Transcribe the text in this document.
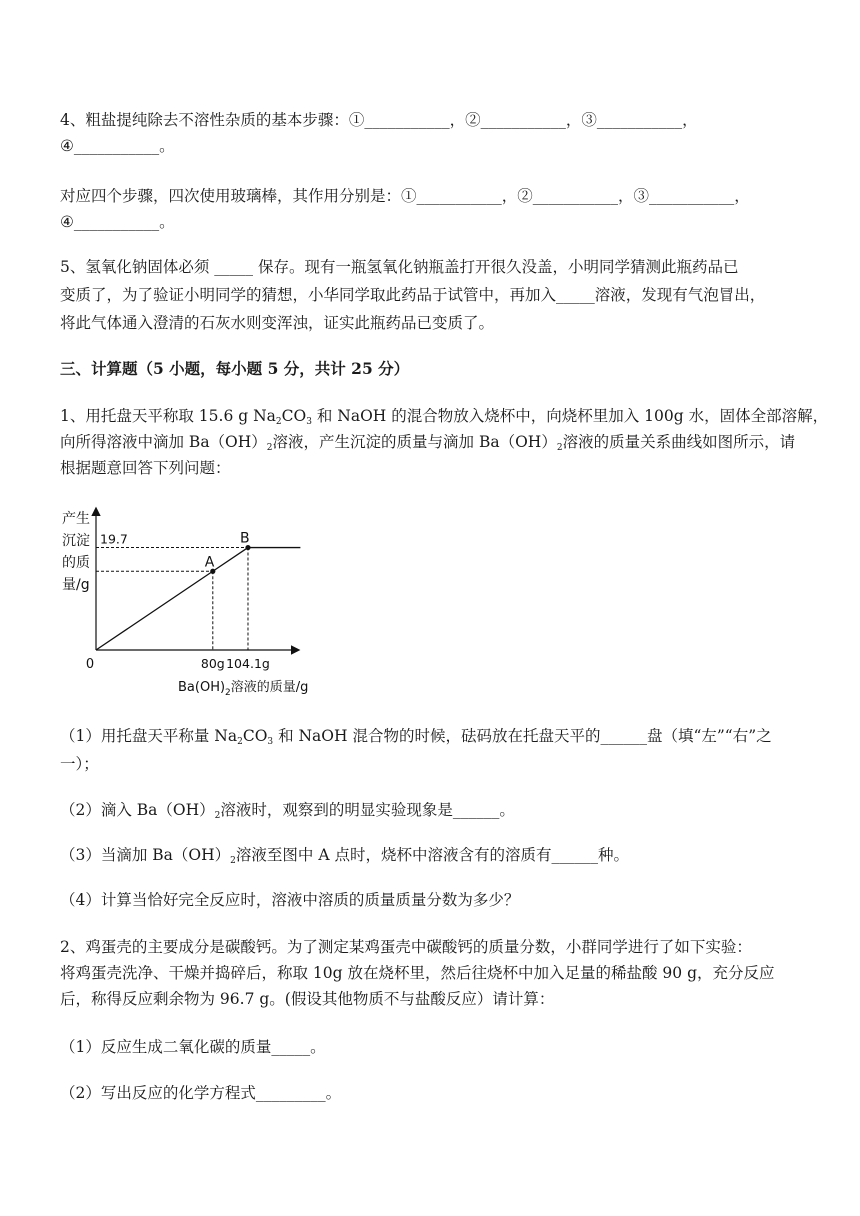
4、粗盐提纯除去不溶性杂质的基本步骤：①___________，②___________，③___________，
④___________。
对应四个步骤，四次使用玻璃棒，其作用分别是：①___________，②___________，③___________，
④___________。
5、氢氧化钠固体必须 _____ 保存。现有一瓶氢氧化钠瓶盖打开很久没盖，小明同学猜测此瓶药品已
变质了，为了验证小明同学的猜想，小华同学取此药品于试管中，再加入_____溶液，发现有气泡冒出，
将此气体通入澄清的石灰水则变浑浊，证实此瓶药品已变质了。
三、计算题（5 小题，每小题 5 分，共计 25 分）
1、用托盘天平称取 15.6 g $Na_2CO_3$ 和 NaOH 的混合物放入烧杯中，向烧杯里加入 100g 水，固体全部溶解，
向所得溶液中滴加 $Ba(OH)_2$溶液，产生沉淀的质量与滴加 $Ba(OH)_2$溶液的质量关系曲线如图所示，请
根据题意回答下列问题：
产生
沉淀
的质
量/g
0	80g 104.1g
19.7
A
B
$Ba(OH)_2$溶液的质量/g
（1）用托盘天平称量 $Na_2CO_3$ 和 NaOH 混合物的时候，砝码放在托盘天平的______盘（填“左”“右”之
一）；
（2）滴入 $Ba(OH)_2$溶液时，观察到的明显实验现象是______。
（3）当滴加 $Ba(OH)_2$溶液至图中 A 点时，烧杯中溶液含有的溶质有______种。
（4）计算当恰好完全反应时，溶液中溶质的质量质量分数为多少？
2、鸡蛋壳的主要成分是碳酸钙。为了测定某鸡蛋壳中碳酸钙的质量分数，小群同学进行了如下实验：
将鸡蛋壳洗净、干燥并捣碎后，称取 10g 放在烧杯里，然后往烧杯中加入足量的稀盐酸 90 g，充分反应
后，称得反应剩余物为 96.7 g。(假设其他物质不与盐酸反应）请计算：
（1）反应生成二氧化碳的质量_____。
（2）写出反应的化学方程式_________。
